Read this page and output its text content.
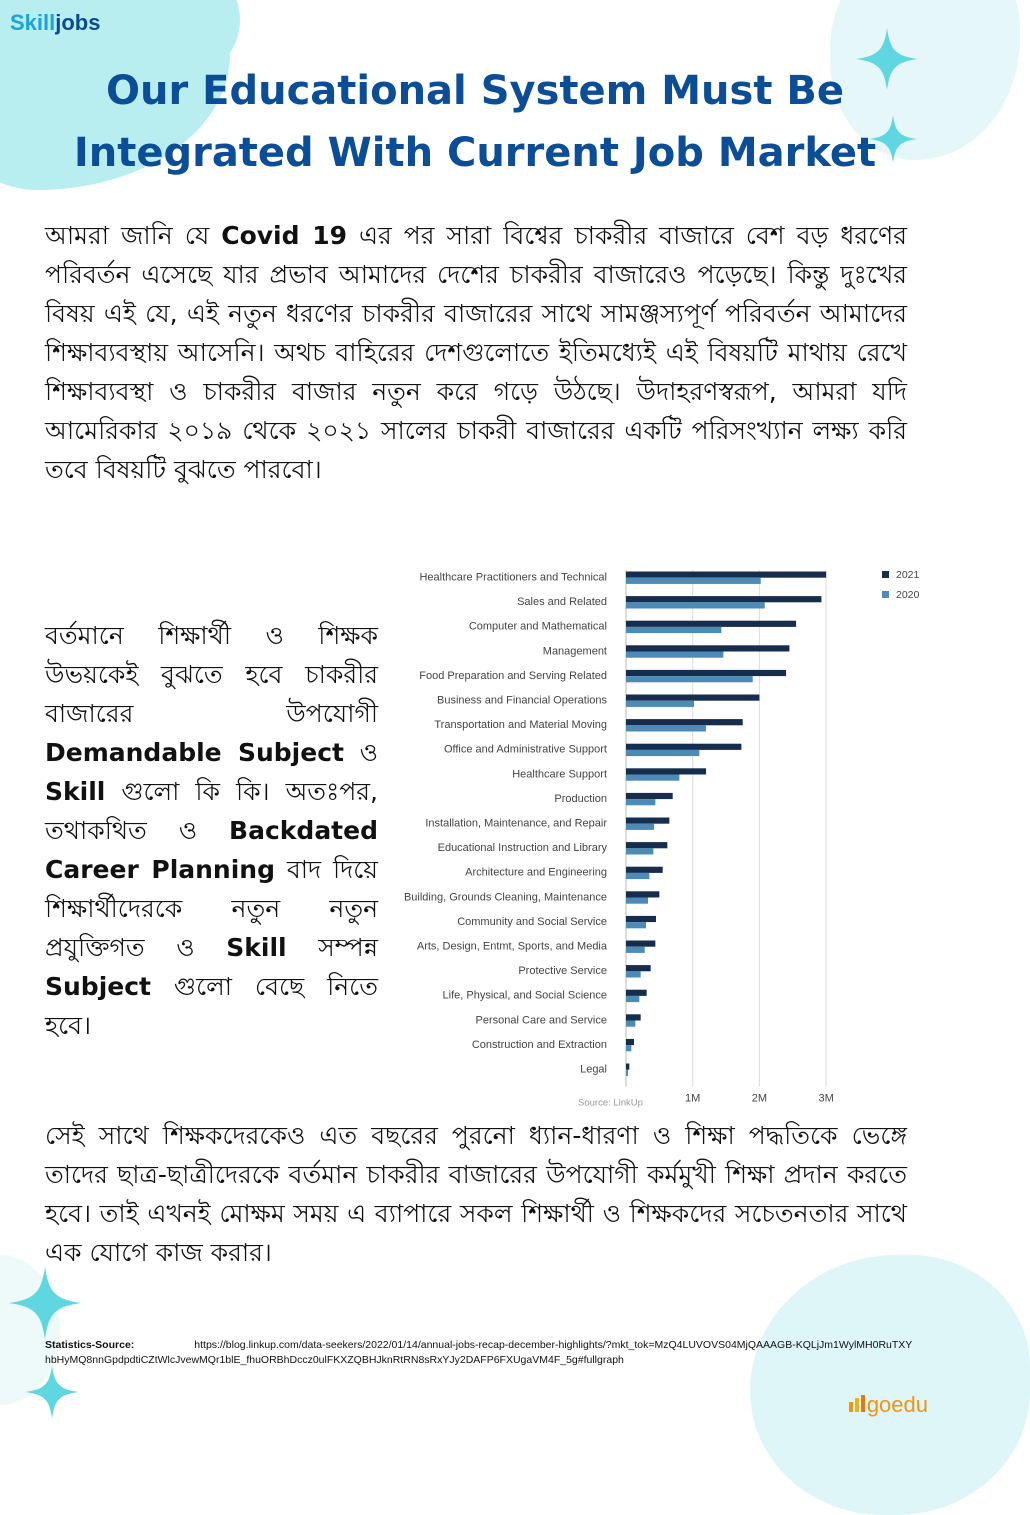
Skilljobs
Our Educational System Must Be
Integrated With Current Job Market

আমরা জানি যে Covid 19 এর পর সারা বিশ্বের চাকরীর বাজারে বেশ বড় ধরণের পরিবর্তন এসেছে যার প্রভাব আমাদের দেশের চাকরীর বাজারেও পড়েছে। কিন্তু দুঃখের বিষয় এই যে, এই নতুন ধরণের চাকরীর বাজারের সাথে সামঞ্জস্যপূর্ণ পরিবর্তন আমাদের শিক্ষাব্যবস্থায় আসেনি। অথচ বাহিরের দেশগুলোতে ইতিমধ্যেই এই বিষয়টি মাথায় রেখে শিক্ষাব্যবস্থা ও চাকরীর বাজার নতুন করে গড়ে উঠছে। উদাহরণস্বরূপ, আমরা যদি আমেরিকার ২০১৯ থেকে ২০২১ সালের চাকরী বাজারের একটি পরিসংখ্যান লক্ষ্য করি তবে বিষয়টি বুঝতে পারবো।

বর্তমানে শিক্ষার্থী ও শিক্ষক উভয়কেই বুঝতে হবে চাকরীর বাজারের উপযোগী Demandable Subject ও Skill গুলো কি কি। অতঃপর, তথাকথিত ও Backdated Career Planning বাদ দিয়ে শিক্ষার্থীদেরকে নতুন নতুন প্রযুক্তিগত ও Skill সম্পন্ন Subject গুলো বেছে নিতে হবে।

Healthcare Practitioners and Technical
Sales and Related
Computer and Mathematical
Management
Food Preparation and Serving Related
Business and Financial Operations
Transportation and Material Moving
Office and Administrative Support
Healthcare Support
Production
Installation, Maintenance, and Repair
Educational Instruction and Library
Architecture and Engineering
Building, Grounds Cleaning, Maintenance
Community and Social Service
Arts, Design, Entmt, Sports, and Media
Protective Service
Life, Physical, and Social Science
Personal Care and Service
Construction and Extraction
Legal
1M	2M	3M
Source: LinkUp
2021
2020

সেই সাথে শিক্ষকদেরকেও এত বছরের পুরনো ধ্যান-ধারণা ও শিক্ষা পদ্ধতিকে ভেঙ্গে তাদের ছাত্র-ছাত্রীদেরকে বর্তমান চাকরীর বাজারের উপযোগী কর্মমুখী শিক্ষা প্রদান করতে হবে। তাই এখনই মোক্ষম সময় এ ব্যাপারে সকল শিক্ষার্থী ও শিক্ষকদের সচেতনতার সাথে এক যোগে কাজ করার।

Statistics-Source:	https://blog.linkup.com/data-seekers/2022/01/14/annual-jobs-recap-december-highlights/?mkt_tok=MzQ4LUVOVS04MjQAAAGB-KQLjJm1WylMH0RuTXYhbHyMQ8nnGpdpdtiCZtWlcJvewMQr1blE_fhuORBhDccz0ulFKXZQBHJknRtRN8sRxYJy2DAFP6FXUgaVM4F_5g#fullgraph
goedu
